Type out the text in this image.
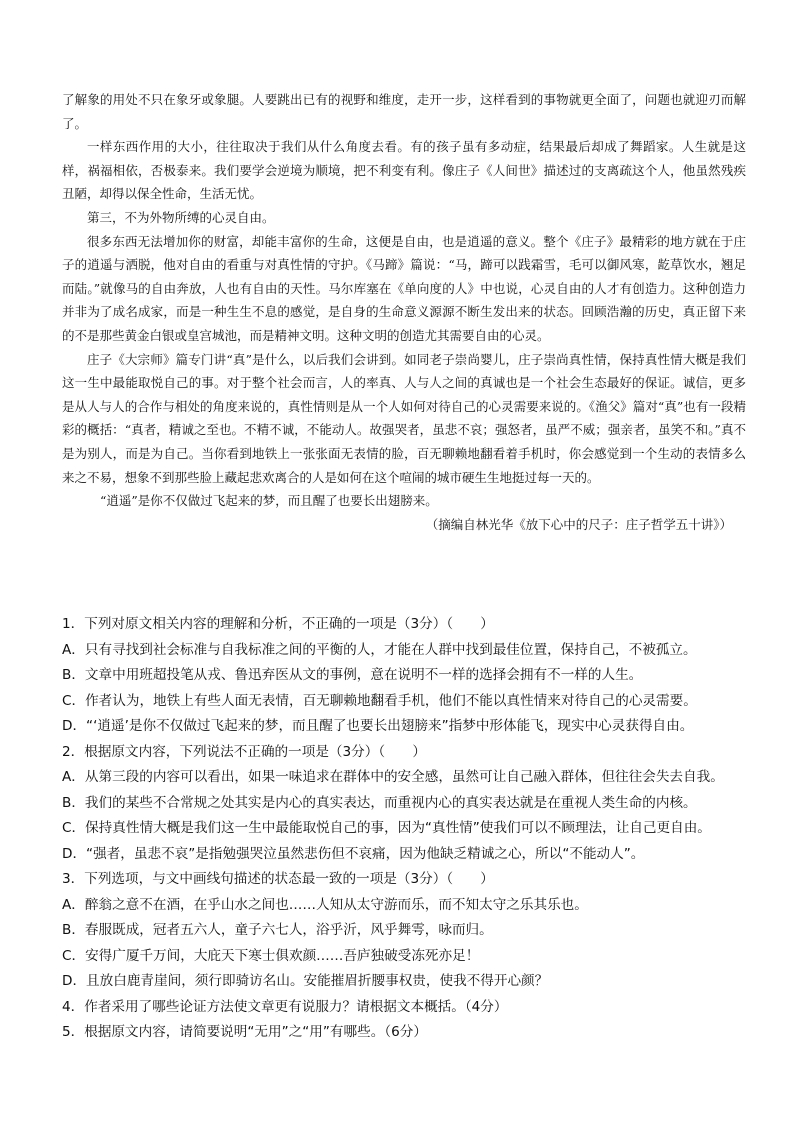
了解象的用处不只在象牙或象腿。人要跳出已有的视野和维度，走开一步，这样看到的事物就更全面了，问题也就迎刃而解了。

一样东西作用的大小，往往取决于我们从什么角度去看。有的孩子虽有多动症，结果最后却成了舞蹈家。人生就是这样，祸福相依，否极泰来。我们要学会逆境为顺境，把不利变有利。像庄子《人间世》描述过的支离疏这个人，他虽然残疾丑陋，却得以保全性命，生活无忧。

第三，不为外物所缚的心灵自由。

很多东西无法增加你的财富，却能丰富你的生命，这便是自由，也是逍遥的意义。整个《庄子》最精彩的地方就在于庄子的逍遥与洒脱，他对自由的看重与对真性情的守护。《马蹄》篇说：“马，蹄可以践霜雪，毛可以御风寒，龁草饮水，翘足而陆。”就像马的自由奔放，人也有自由的天性。马尔库塞在《单向度的人》中也说，心灵自由的人才有创造力。这种创造力并非为了成名成家，而是一种生生不息的感觉，是自身的生命意义源源不断生发出来的状态。回顾浩瀚的历史，真正留下来的不是那些黄金白银或皇宫城池，而是精神文明。这种文明的创造尤其需要自由的心灵。

庄子《大宗师》篇专门讲“真”是什么，以后我们会讲到。如同老子崇尚婴儿，庄子崇尚真性情，保持真性情大概是我们这一生中最能取悦自己的事。对于整个社会而言，人的率真、人与人之间的真诚也是一个社会生态最好的保证。诚信，更多是从人与人的合作与相处的角度来说的，真性情则是从一个人如何对待自己的心灵需要来说的。《渔父》篇对“真”也有一段精彩的概括：“真者，精诚之至也。不精不诚，不能动人。故强哭者，虽悲不哀；强怒者，虽严不威；强亲者，虽笑不和。”真不是为别人，而是为自己。当你看到地铁上一张张面无表情的脸，百无聊赖地翻看着手机时，你会感觉到一个生动的表情多么来之不易，想象不到那些脸上藏起悲欢离合的人是如何在这个喧闹的城市硬生生地挺过每一天的。

“逍遥”是你不仅做过飞起来的梦，而且醒了也要长出翅膀来。

（摘编自林光华《放下心中的尺子：庄子哲学五十讲》）

1．下列对原文相关内容的理解和分析，不正确的一项是（3分）（　　）

A．只有寻找到社会标准与自我标准之间的平衡的人，才能在人群中找到最佳位置，保持自己，不被孤立。

B．文章中用班超投笔从戎、鲁迅弃医从文的事例，意在说明不一样的选择会拥有不一样的人生。

C．作者认为，地铁上有些人面无表情，百无聊赖地翻看手机，他们不能以真性情来对待自己的心灵需要。

D．“‘逍遥’是你不仅做过飞起来的梦，而且醒了也要长出翅膀来”指梦中形体能飞，现实中心灵获得自由。

2．根据原文内容，下列说法不正确的一项是（3分）（　　）

A．从第三段的内容可以看出，如果一味追求在群体中的安全感，虽然可让自己融入群体，但往往会失去自我。

B．我们的某些不合常规之处其实是内心的真实表达，而重视内心的真实表达就是在重视人类生命的内核。

C．保持真性情大概是我们这一生中最能取悦自己的事，因为“真性情”使我们可以不顾理法，让自己更自由。

D．“强者，虽悲不哀”是指勉强哭泣虽然悲伤但不哀痛，因为他缺乏精诚之心，所以“不能动人”。

3．下列选项，与文中画线句描述的状态最一致的一项是（3分）（　　）

A．醉翁之意不在酒，在乎山水之间也……人知从太守游而乐，而不知太守之乐其乐也。

B．春服既成，冠者五六人，童子六七人，浴乎沂，风乎舞雩，咏而归。

C．安得广厦千万间，大庇天下寒士俱欢颜……吾庐独破受冻死亦足！

D．且放白鹿青崖间，须行即骑访名山。安能摧眉折腰事权贵，使我不得开心颜？

4．作者采用了哪些论证方法使文章更有说服力？请根据文本概括。（4分）

5．根据原文内容，请简要说明“无用”之“用”有哪些。（6分）
